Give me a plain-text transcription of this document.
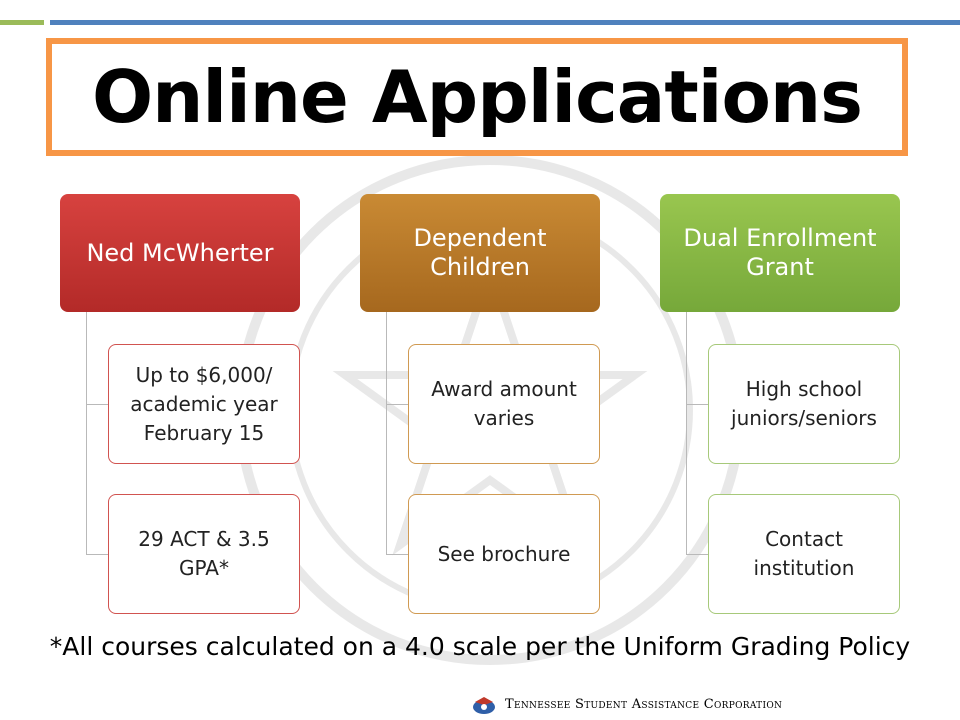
Online Applications
Ned McWherter
Up to $6,000/ academic year February 15
29 ACT & 3.5 GPA*
Dependent Children
Award amount varies
See brochure
Dual Enrollment Grant
High school juniors/seniors
Contact institution
*All courses calculated on a 4.0 scale per the Uniform Grading Policy
Tennessee Student Assistance Corporation
